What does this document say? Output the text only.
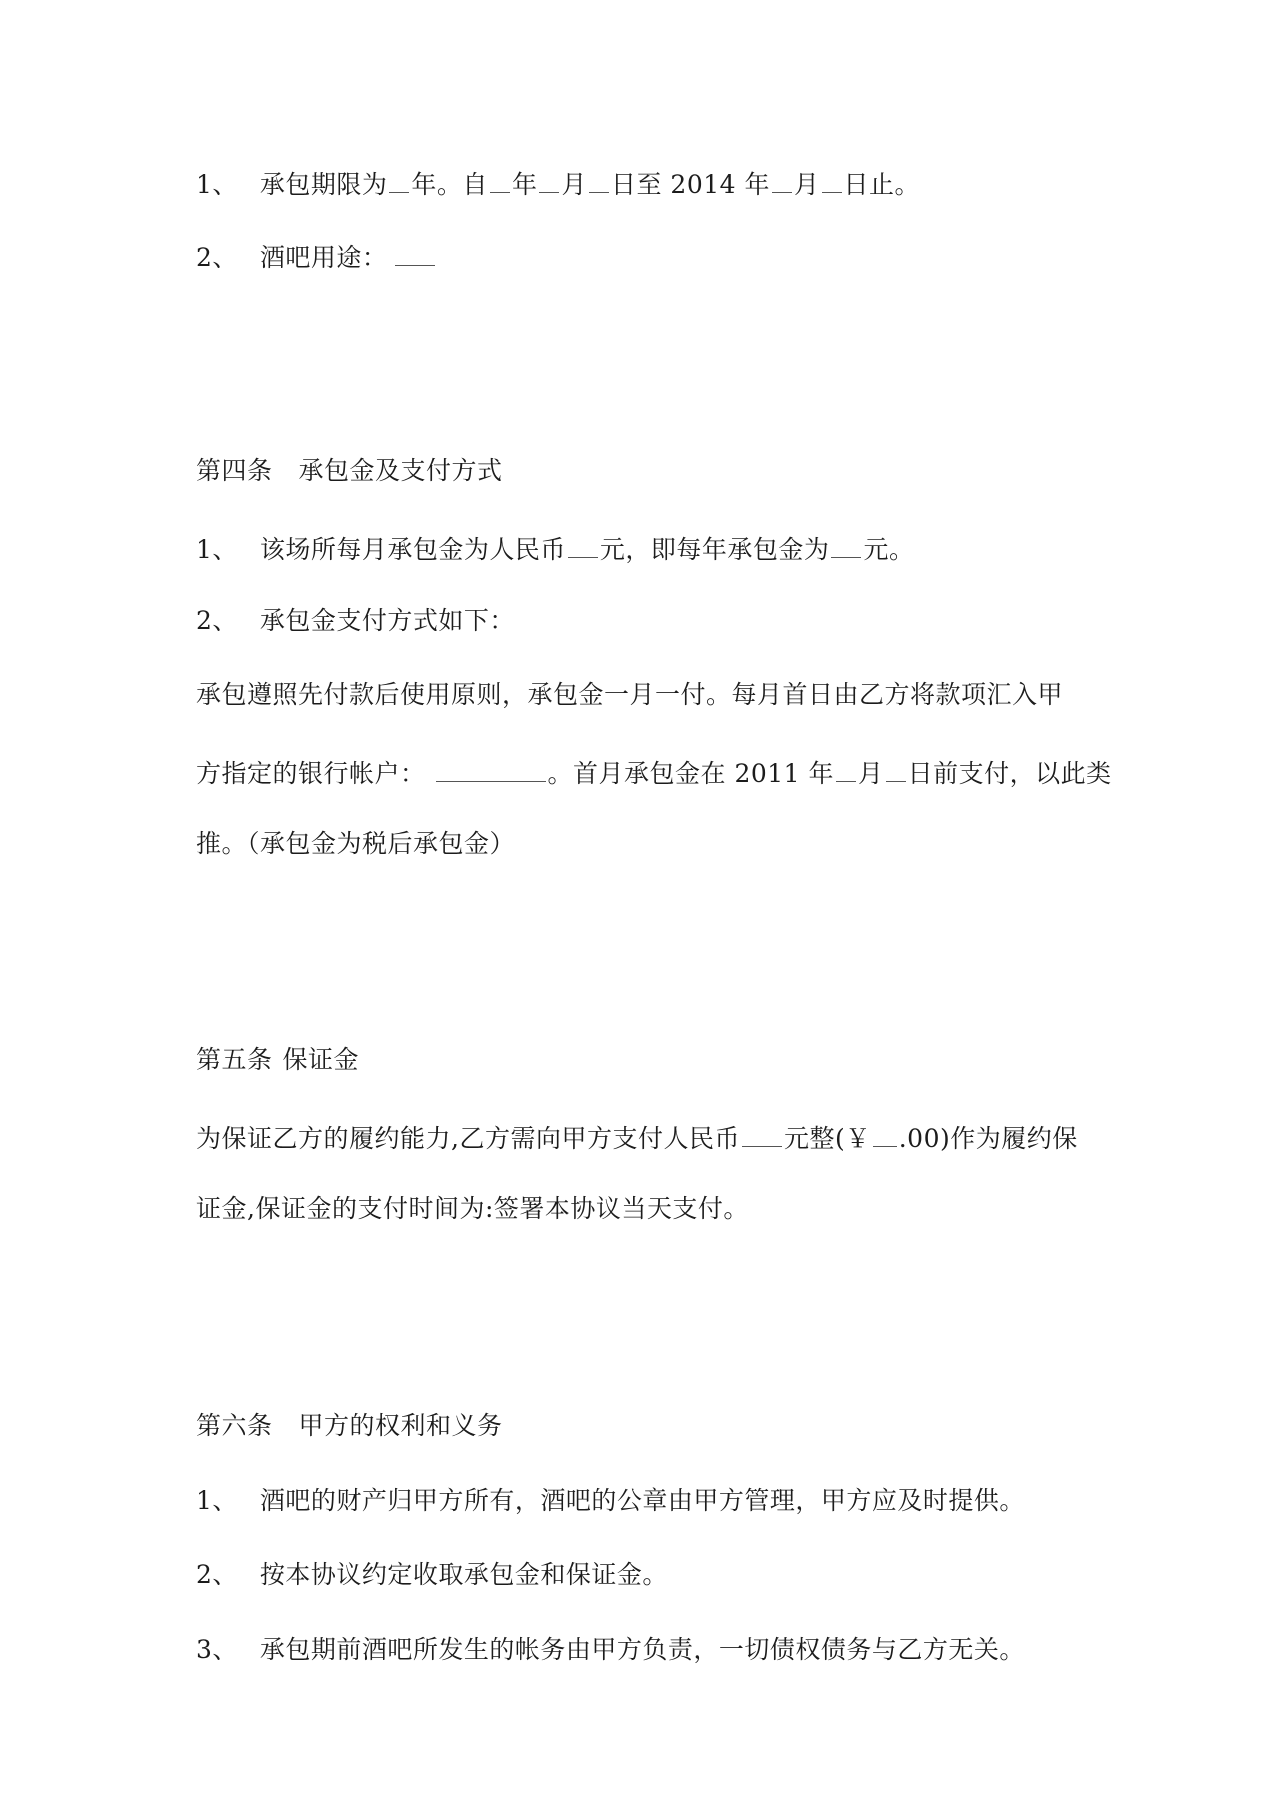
1、 承包期限为 年。自 年 月 日至 2014 年 月 日止。
2、 酒吧用途：
第四条 承包金及支付方式
1、 该场所每月承包金为人民币 元，即每年承包金为 元。
2、 承包金支付方式如下：
承包遵照先付款后使用原则，承包金一月一付。每月首日由乙方将款项汇入甲
方指定的银行帐户：	。首月承包金在 2011 年 月 日前支付，以此类
推。（承包金为税后承包金）
第五条 保证金
为保证乙方的履约能力,乙方需向甲方支付人民币 元整(￥ .00)作为履约保
证金,保证金的支付时间为:签署本协议当天支付。
第六条 甲方的权利和义务
1、 酒吧的财产归甲方所有，酒吧的公章由甲方管理，甲方应及时提供。
2、 按本协议约定收取承包金和保证金。
3、 承包期前酒吧所发生的帐务由甲方负责，一切债权债务与乙方无关。
